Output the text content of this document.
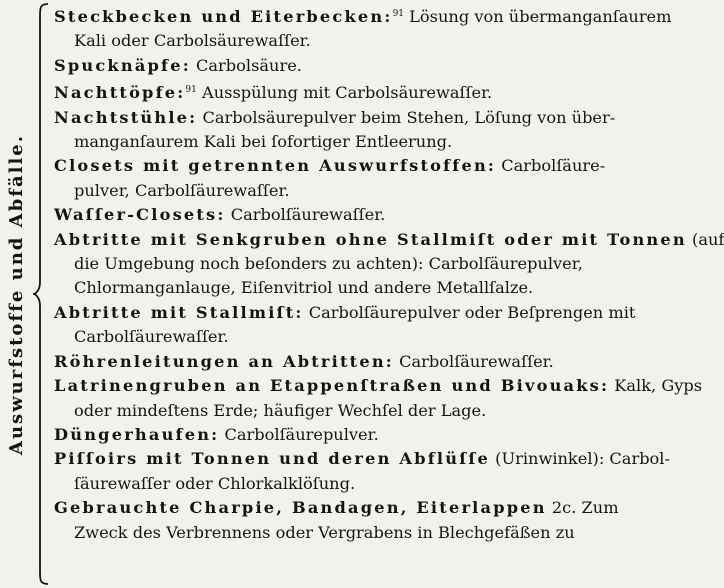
Auswurfstoffe und Abfälle.

Steckbecken und Eiterbecken:$^{91}$ Lösung von übermanganſaurem
Kali oder Carbolsäurewaſſer.

Spucknäpfe: Carbolsäure.

Nachttöpfe:$^{91}$ Ausspülung mit Carbolsäurewaſſer.

Nachtstühle: Carbolsäurepulver beim Stehen, Löſung von über-
manganſaurem Kali bei ſofortiger Entleerung.

Closets mit getrennten Auswurfstoffen: Carbolſäure-
pulver, Carbolſäurewaſſer.

Waſſer-Closets: Carbolſäurewaſſer.

Abtritte mit Senkgruben ohne Stallmiſt oder mit Tonnen (auf
die Umgebung noch beſonders zu achten): Carbolſäurepulver,
Chlormanganlauge, Eiſenvitriol und andere Metallſalze.

Abtritte mit Stallmiſt: Carbolſäurepulver oder Beſprengen mit
Carbolſäurewaſſer.

Röhrenleitungen an Abtritten: Carbolſäurewaſſer.

Latrinengruben an Etappenſtraßen und Bivouaks: Kalk, Gyps
oder mindeſtens Erde; häufiger Wechſel der Lage.

Düngerhaufen: Carbolſäurepulver.

Piſſoirs mit Tonnen und deren Abflüſſe (Urinwinkel): Carbol-
ſäurewaſſer oder Chlorkalklöſung.

Gebrauchte Charpie, Bandagen, Eiterlappen 2c. Zum
Zweck des Verbrennens oder Vergrabens in Blechgefäßen zu
